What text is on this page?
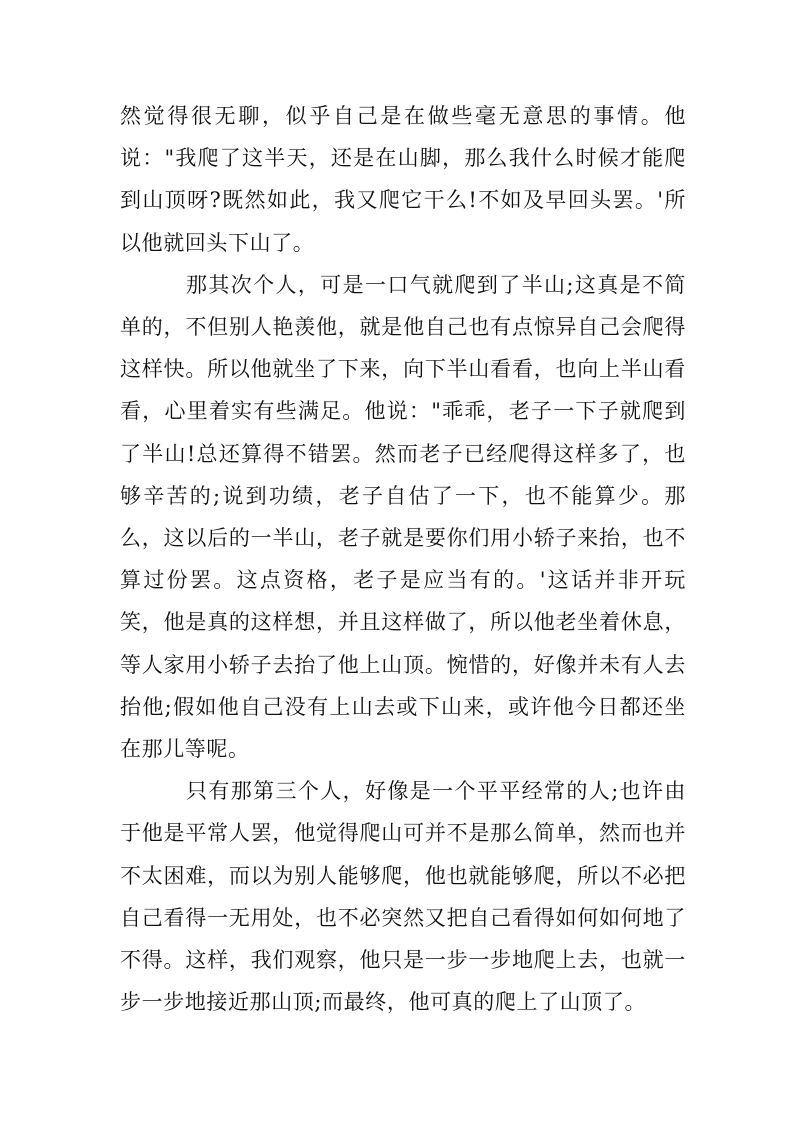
然觉得很无聊，似乎自己是在做些毫无意思的事情。他说："我爬了这半天，还是在山脚，那么我什么时候才能爬到山顶呀?既然如此，我又爬它干么!不如及早回头罢。'所以他就回头下山了。

那其次个人，可是一口气就爬到了半山;这真是不简单的，不但别人艳羡他，就是他自己也有点惊异自己会爬得这样快。所以他就坐了下来，向下半山看看，也向上半山看看，心里着实有些满足。他说："乖乖，老子一下子就爬到了半山!总还算得不错罢。然而老子已经爬得这样多了，也够辛苦的;说到功绩，老子自估了一下，也不能算少。那么，这以后的一半山，老子就是要你们用小轿子来抬，也不算过份罢。这点资格，老子是应当有的。'这话并非开玩笑，他是真的这样想，并且这样做了，所以他老坐着休息，等人家用小轿子去抬了他上山顶。惋惜的，好像并未有人去抬他;假如他自己没有上山去或下山来，或许他今日都还坐在那儿等呢。

只有那第三个人，好像是一个平平经常的人;也许由于他是平常人罢，他觉得爬山可并不是那么简单，然而也并不太困难，而以为别人能够爬，他也就能够爬，所以不必把自己看得一无用处，也不必突然又把自己看得如何如何地了不得。这样，我们观察，他只是一步一步地爬上去，也就一步一步地接近那山顶;而最终，他可真的爬上了山顶了。
